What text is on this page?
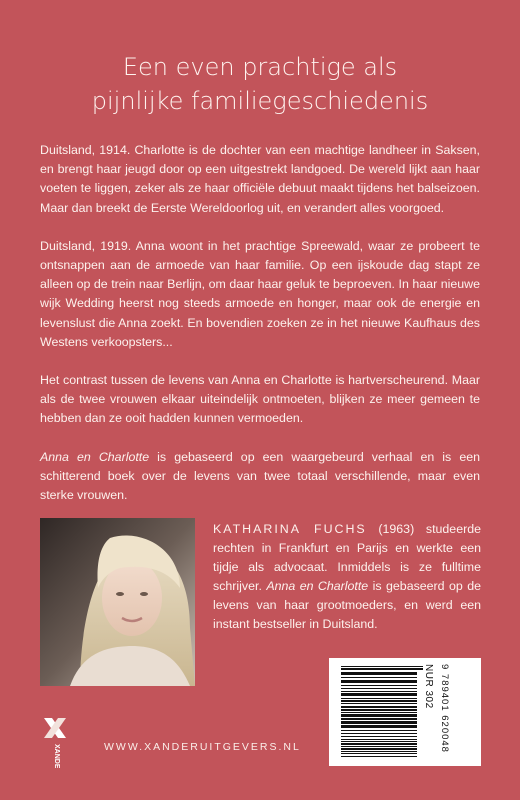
Een even prachtige als
pijnlijke familiegeschiedenis

Duitsland, 1914. Charlotte is de dochter van een machtige landheer in Saksen, en brengt haar jeugd door op een uitgestrekt landgoed. De wereld lijkt aan haar voeten te liggen, zeker als ze haar officiële debuut maakt tijdens het balseizoen. Maar dan breekt de Eerste Wereldoorlog uit, en verandert alles voorgoed.

Duitsland, 1919. Anna woont in het prachtige Spreewald, waar ze probeert te ontsnappen aan de armoede van haar familie. Op een ijskoude dag stapt ze alleen op de trein naar Berlijn, om daar haar geluk te beproeven. In haar nieuwe wijk Wedding heerst nog steeds armoede en honger, maar ook de energie en levenslust die Anna zoekt. En bovendien zoeken ze in het nieuwe Kaufhaus des Westens verkoopsters...

Het contrast tussen de levens van Anna en Charlotte is hartverscheurend. Maar als de twee vrouwen elkaar uiteindelijk ontmoeten, blijken ze meer gemeen te hebben dan ze ooit hadden kunnen vermoeden.

Anna en Charlotte is gebaseerd op een waargebeurd verhaal en is een schitterend boek over de levens van twee totaal verschillende, maar even sterke vrouwen.

KATHARINA FUCHS (1963) studeerde rechten in Frankfurt en Parijs en werkte een tijdje als advocaat. Inmiddels is ze fulltime schrijver. Anna en Charlotte is gebaseerd op de levens van haar grootmoeders, en werd een instant bestseller in Duitsland.
NUR 302 9 789401 620048
XANDER	WWW.XANDERUITGEVERS.NL
